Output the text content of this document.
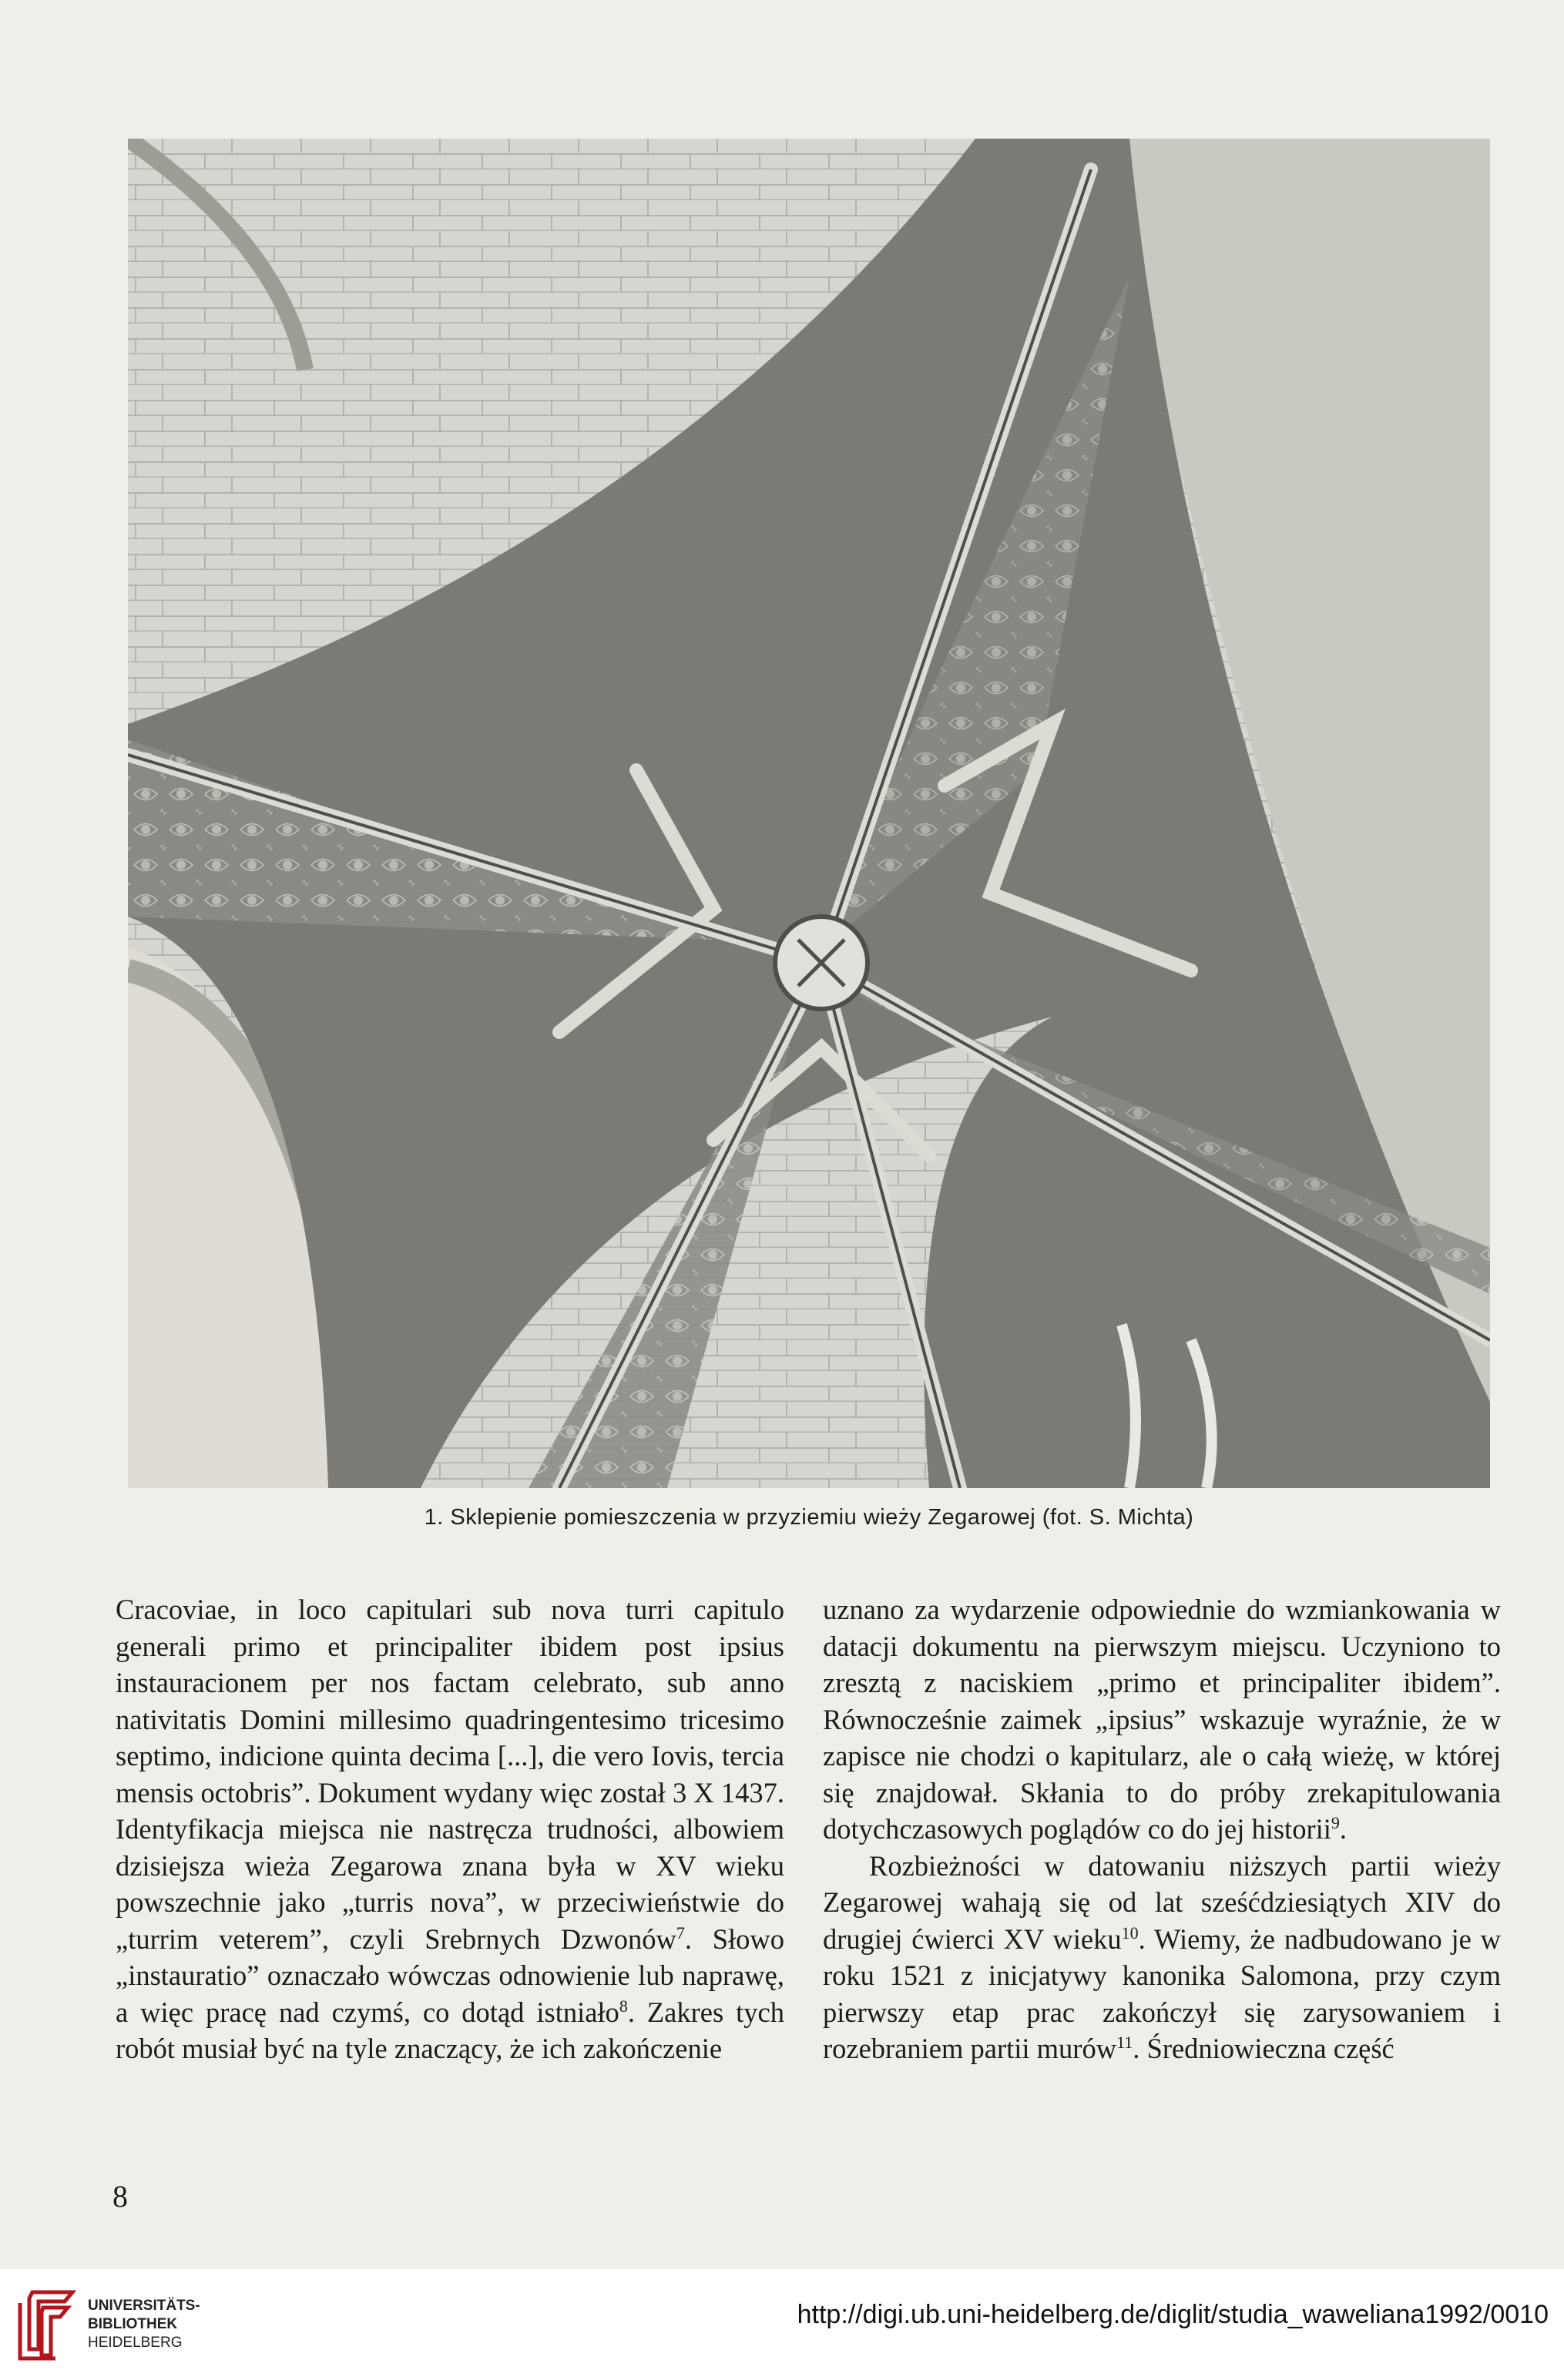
1. Sklepienie pomieszczenia w przyziemiu wieży Zegarowej (fot. S. Michta)

Cracoviae, in loco capitulari sub nova turri capitulo generali primo et principaliter ibidem post ipsius instauracionem per nos factam celebrato, sub anno nativitatis Domini millesimo quadringentesimo tricesimo septimo, indicione quinta decima [...], die vero Iovis, tercia mensis octobris”. Dokument wydany więc został 3 X 1437. Identyfikacja miejsca nie nastręcza trudności, albowiem dzisiejsza wieża Zegarowa znana była w XV wieku powszechnie jako „turris nova”, w przeciwieństwie do „turrim veterem”, czyli Srebrnych Dzwonów$^7$. Słowo „instauratio” oznaczało wówczas odnowienie lub naprawę, a więc pracę nad czymś, co dotąd istniało$^8$. Zakres tych robót musiał być na tyle znaczący, że ich zakończenie

uznano za wydarzenie odpowiednie do wzmiankowania w datacji dokumentu na pierwszym miejscu. Uczyniono to zresztą z naciskiem „primo et principaliter ibidem”. Równocześnie zaimek „ipsius” wskazuje wyraźnie, że w zapisce nie chodzi o kapitularz, ale o całą wieżę, w której się znajdował. Skłania to do próby zrekapitulowania dotychczasowych poglądów co do jej historii$^9$.

Rozbieżności w datowaniu niższych partii wieży Zegarowej wahają się od lat sześćdziesiątych XIV do drugiej ćwierci XV wieku$^{10}$. Wiemy, że nadbudowano je w roku 1521 z inicjatywy kanonika Salomona, przy czym pierwszy etap prac zakończył się zarysowaniem i rozebraniem partii murów$^{11}$. Średniowieczna część

8
UNIVERSITÄTS-
BIBLIOTHEK
HEIDELBERG
http://digi.ub.uni-heidelberg.de/diglit/studia_waweliana1992/0010
